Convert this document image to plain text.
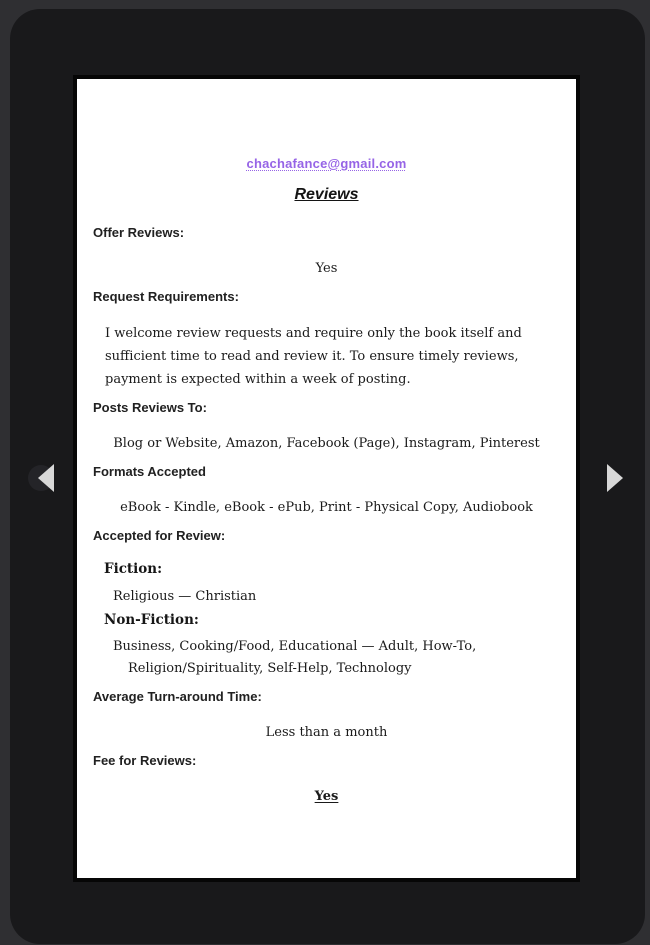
chachafance@gmail.com
Reviews
Offer Reviews:
Yes
Request Requirements:
I welcome review requests and require only the book itself and sufficient time to read and review it. To ensure timely reviews, payment is expected within a week of posting.
Posts Reviews To:
Blog or Website, Amazon, Facebook (Page), Instagram, Pinterest
Formats Accepted
eBook - Kindle, eBook - ePub, Print - Physical Copy, Audiobook
Accepted for Review:
Fiction:
Religious — Christian
Non-Fiction:
Business, Cooking/Food, Educational — Adult, How-To, Religion/Spirituality, Self-Help, Technology
Average Turn-around Time:
Less than a month
Fee for Reviews:
Yes
